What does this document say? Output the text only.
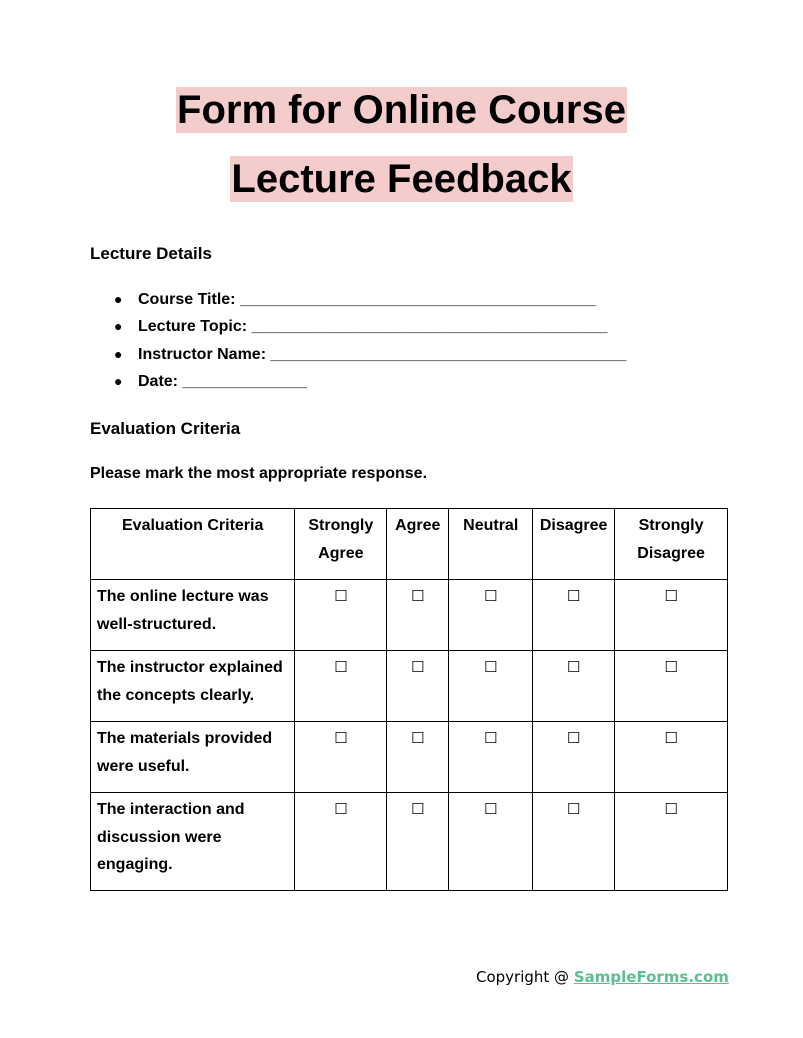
Form for Online Course
Lecture Feedback
Lecture Details
● Course Title: ________________________________________
● Lecture Topic: ________________________________________
● Instructor Name: ________________________________________
● Date: ______________
Evaluation Criteria
Please mark the most appropriate response.
Evaluation Criteria	Strongly Agree	Agree	Neutral	Disagree	Strongly Disagree
The online lecture was well-structured.	☐	☐	☐	☐	☐
The instructor explained the concepts clearly.	☐	☐	☐	☐	☐
The materials provided were useful.	☐	☐	☐	☐	☐
The interaction and discussion were engaging.	☐	☐	☐	☐	☐
Copyright @ SampleForms.com
